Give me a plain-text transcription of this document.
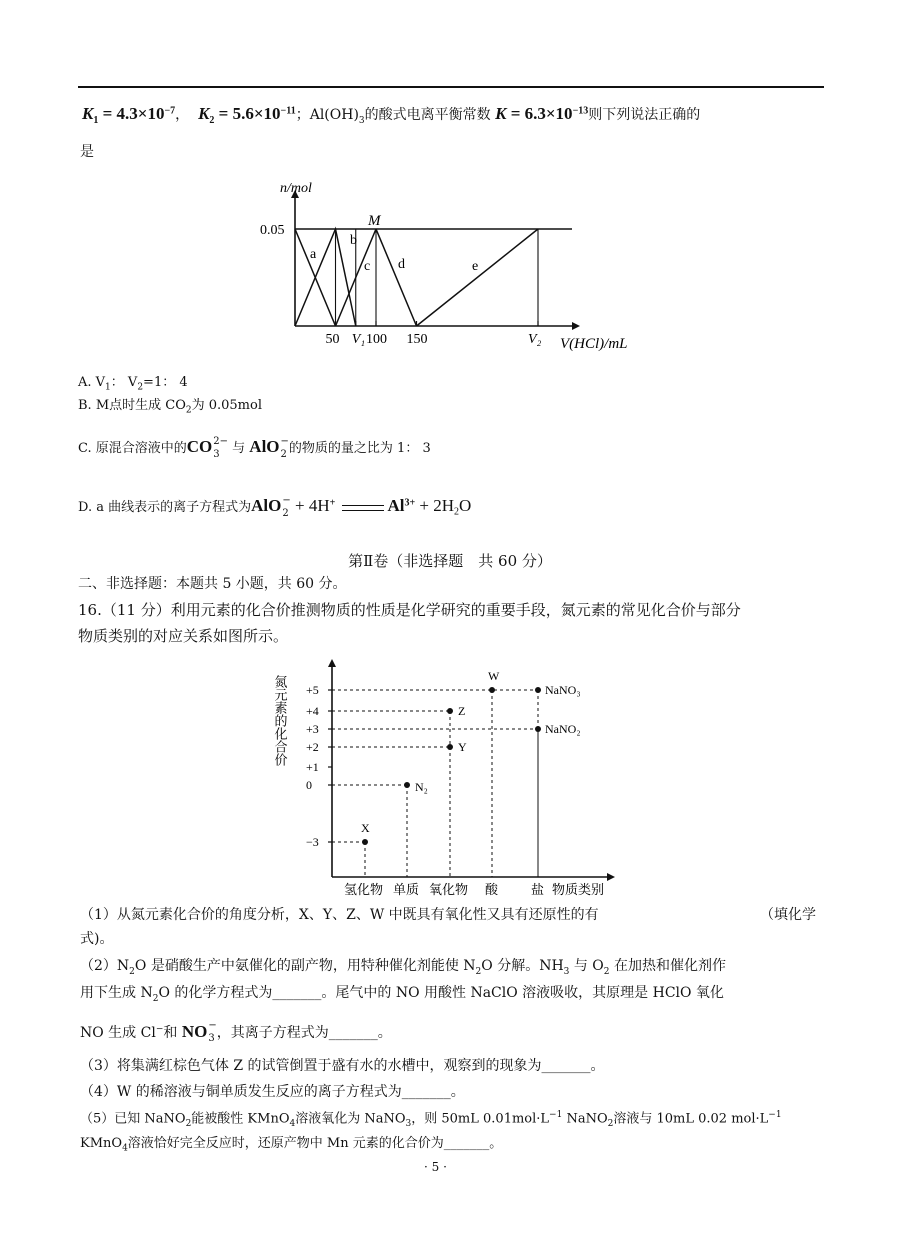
$K_1 = 4.3\times 10^{-7}$， $K_2 = 5.6\times 10^{-11}$；$Al(OH)_3$的酸式电离平衡常数 $K = 6.3\times 10^{-13}$则下列说法正确的
是
n/mol
0.05
V(HCl)/mL
50 V₁ 100 150	V₂
a
b
c d	e
M
A. $V_1$： $V_2=1$： 4
B. M点时生成 $CO_2$为 0.05mol
C. 原混合溶液中的CO 2−
3 与 AlO −
2 的物质的量之比为 1： 3
D. a 曲线表示的离子方程式为AlO −
2 + 4H+	$Al^{3+} + 2H_2O$
第Ⅱ卷（非选择题　共 60 分）
二、非选择题：本题共 5 小题，共 60 分。
16.（11 分）利用元素的化合价推测物质的性质是化学研究的重要手段，氮元素的常见化合价与部分
物质类别的对应关系如图所示。
氮元素的化合价 +5
+4
+3
+2
+1
0
−3
氢化物 单质 氧化物 酸	盐 物质类别
X
N₂
Y
Z
W
NaNO₃
NaNO₂
（1）从氮元素化合价的角度分析，X、Y、Z、W 中既具有氧化性又具有还原性的有	（填化学
式)。
$(2)N_2O$ 是硝酸生产中氨催化的副产物，用特种催化剂能使 $N_2O$ 分解。$NH_3$ 与 $O_2$ 在加热和催化剂作
用下生成 $N_2O$ 的化学方程式为_______。尾气中的 NO 用酸性 NaClO 溶液吸收，其原理是 HClO 氧化
NO 生成 Cl−和 NO −
3 ，其离子方程式为_______。
（3）将集满红棕色气体 Z 的试管倒置于盛有水的水槽中，观察到的现象为_______。
（4）W 的稀溶液与铜单质发生反应的离子方程式为_______。
（5）已知 NaNO$_2$能被酸性 KMnO$_4$溶液氧化为 NaNO$_3$，则 50mL $0.01mol\cdot L^{-1}$ NaNO$_2$溶液与 10mL 0.02 $mol\cdot L^{-1}$
KMnO$_4$溶液恰好完全反应时，还原产物中 Mn 元素的化合价为_______。
· 5 ·
